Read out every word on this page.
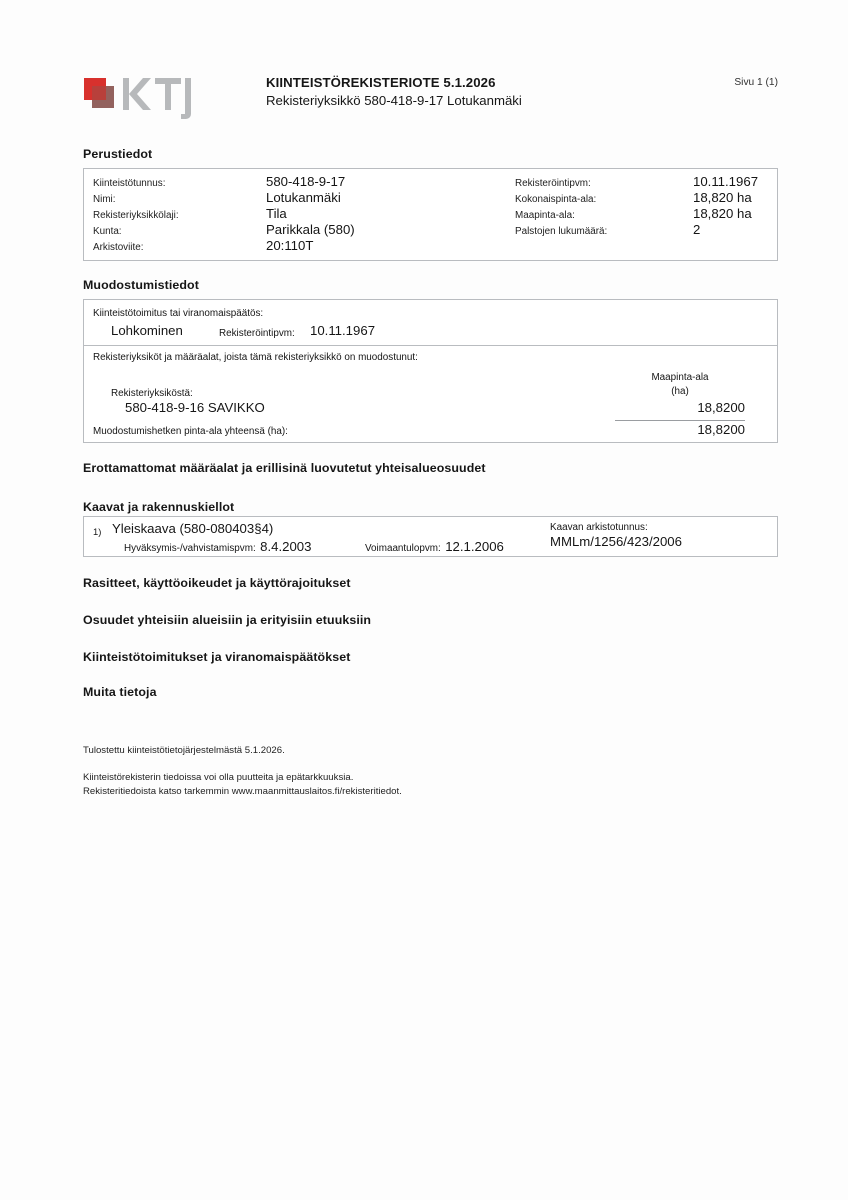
KIINTEISTÖREKISTERIOTE 5.1.2026
Rekisteriyksikkö 580-418-9-17 Lotukanmäki
Sivu 1 (1)
Perustiedot
Kiinteistötunnus:	580-418-9-17
Nimi:	Lotukanmäki
Rekisteriyksikkölaji:	Tila
Kunta:	Parikkala (580)
Arkistoviite:	20:110T
Rekisteröintipvm:	10.11.1967
Kokonaispinta-ala:	18,820 ha
Maapinta-ala:	18,820 ha
Palstojen lukumäärä:	2
Muodostumistiedot
Kiinteistötoimitus tai viranomaispäätös:
Lohkominen	Rekisteröintipvm: 10.11.1967
Rekisteriyksiköt ja määräalat, joista tämä rekisteriyksikkö on muodostunut:
Maapinta-ala
(ha)
Rekisteriyksiköstä:
580-418-9-16 SAVIKKO	18,8200
Muodostumishetken pinta-ala yhteensä (ha):	18,8200
Erottamattomat määräalat ja erillisinä luovutetut yhteisalueosuudet
Kaavat ja rakennuskiellot
1) Yleiskaava (580-080403§4)
Hyväksymis-/vahvistamispvm: 8.4.2003	Voimaantulopvm: 12.1.2006
Kaavan arkistotunnus:
MMLm/1256/423/2006
Rasitteet, käyttöoikeudet ja käyttörajoitukset
Osuudet yhteisiin alueisiin ja erityisiin etuuksiin
Kiinteistötoimitukset ja viranomaispäätökset
Muita tietoja
Tulostettu kiinteistötietojärjestelmästä 5.1.2026.
Kiinteistörekisterin tiedoissa voi olla puutteita ja epätarkkuuksia.
Rekisteritiedoista katso tarkemmin www.maanmittauslaitos.fi/rekisteritiedot.
